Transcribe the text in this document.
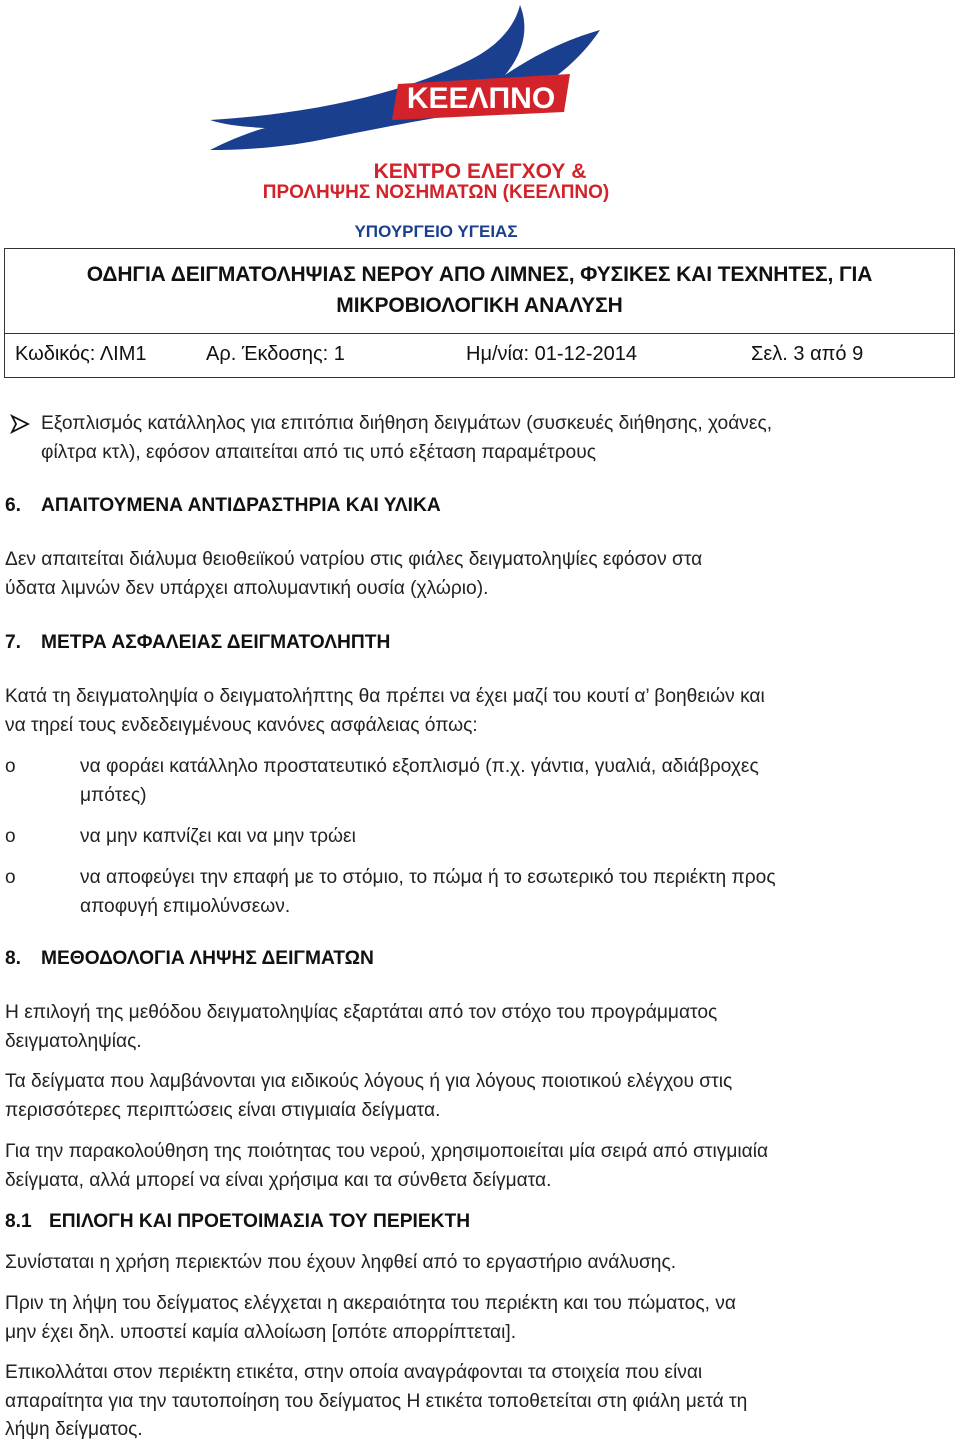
ΚΕΕΛΠΝΟ
ΚΕΝΤΡΟ ΕΛΕΓΧΟΥ &
ΠΡΟΛΗΨΗΣ ΝΟΣΗΜΑΤΩΝ (ΚΕΕΛΠΝΟ)
ΥΠΟΥΡΓΕΙΟ ΥΓΕΙΑΣ
ΟΔΗΓΙΑ ΔΕΙΓΜΑΤΟΛΗΨΙΑΣ ΝΕΡΟΥ ΑΠΟ ΛΙΜΝΕΣ, ΦΥΣΙΚΕΣ ΚΑΙ ΤΕΧΝΗΤΕΣ, ΓΙΑ
ΜΙΚΡΟΒΙΟΛΟΓΙΚΗ ΑΝΑΛΥΣΗ
Κωδικός: ΛΙΜ1	Αρ. Έκδοσης: 1	Ημ/νία: 01-12-2014	Σελ. 3 από 9
Εξοπλισμός κατάλληλος για επιτόπια διήθηση δειγμάτων (συσκευές διήθησης, χοάνες,
φίλτρα κτλ), εφόσον απαιτείται από τις υπό εξέταση παραμέτρους
6. ΑΠΑΙΤΟΥΜΕΝΑ ΑΝΤΙΔΡΑΣΤΗΡΙΑ ΚΑΙ ΥΛΙΚΑ
Δεν απαιτείται διάλυμα θειοθειϊκού νατρίου στις φιάλες δειγματοληψίες εφόσον στα
ύδατα λιμνών δεν υπάρχει απολυμαντική ουσία (χλώριο).
7. ΜΕΤΡΑ ΑΣΦΑΛΕΙΑΣ ΔΕΙΓΜΑΤΟΛΗΠΤΗ
Κατά τη δειγματοληψία ο δειγματολήπτης θα πρέπει να έχει μαζί του κουτί α’ βοηθειών και
να τηρεί τους ενδεδειγμένους κανόνες ασφάλειας όπως:
o	να φοράει κατάλληλο προστατευτικό εξοπλισμό (π.χ. γάντια, γυαλιά, αδιάβροχες
μπότες)
o	να μην καπνίζει και να μην τρώει
o	να αποφεύγει την επαφή με το στόμιο, το πώμα ή το εσωτερικό του περιέκτη προς
αποφυγή επιμολύνσεων.
8. ΜΕΘΟΔΟΛΟΓΙΑ ΛΗΨΗΣ ΔΕΙΓΜΑΤΩΝ
Η επιλογή της μεθόδου δειγματοληψίας εξαρτάται από τον στόχο του προγράμματος
δειγματοληψίας.
Τα δείγματα που λαμβάνονται για ειδικούς λόγους ή για λόγους ποιοτικού ελέγχου στις
περισσότερες περιπτώσεις είναι στιγμιαία δείγματα.
Για την παρακολούθηση της ποιότητας του νερού, χρησιμοποιείται μία σειρά από στιγμιαία
δείγματα, αλλά μπορεί να είναι χρήσιμα και τα σύνθετα δείγματα.
8.1 ΕΠΙΛΟΓΗ ΚΑΙ ΠΡΟΕΤΟΙΜΑΣΙΑ ΤΟΥ ΠΕΡΙΕΚΤΗ
Συνίσταται η χρήση περιεκτών που έχουν ληφθεί από το εργαστήριο ανάλυσης.
Πριν τη λήψη του δείγματος ελέγχεται η ακεραιότητα του περιέκτη και του πώματος, να
μην έχει δηλ. υποστεί καμία αλλοίωση [οπότε απορρίπτεται].
Επικολλάται στον περιέκτη ετικέτα, στην οποία αναγράφονται τα στοιχεία που είναι
απαραίτητα για την ταυτοποίηση του δείγματος Η ετικέτα τοποθετείται στη φιάλη μετά τη
λήψη δείγματος.
